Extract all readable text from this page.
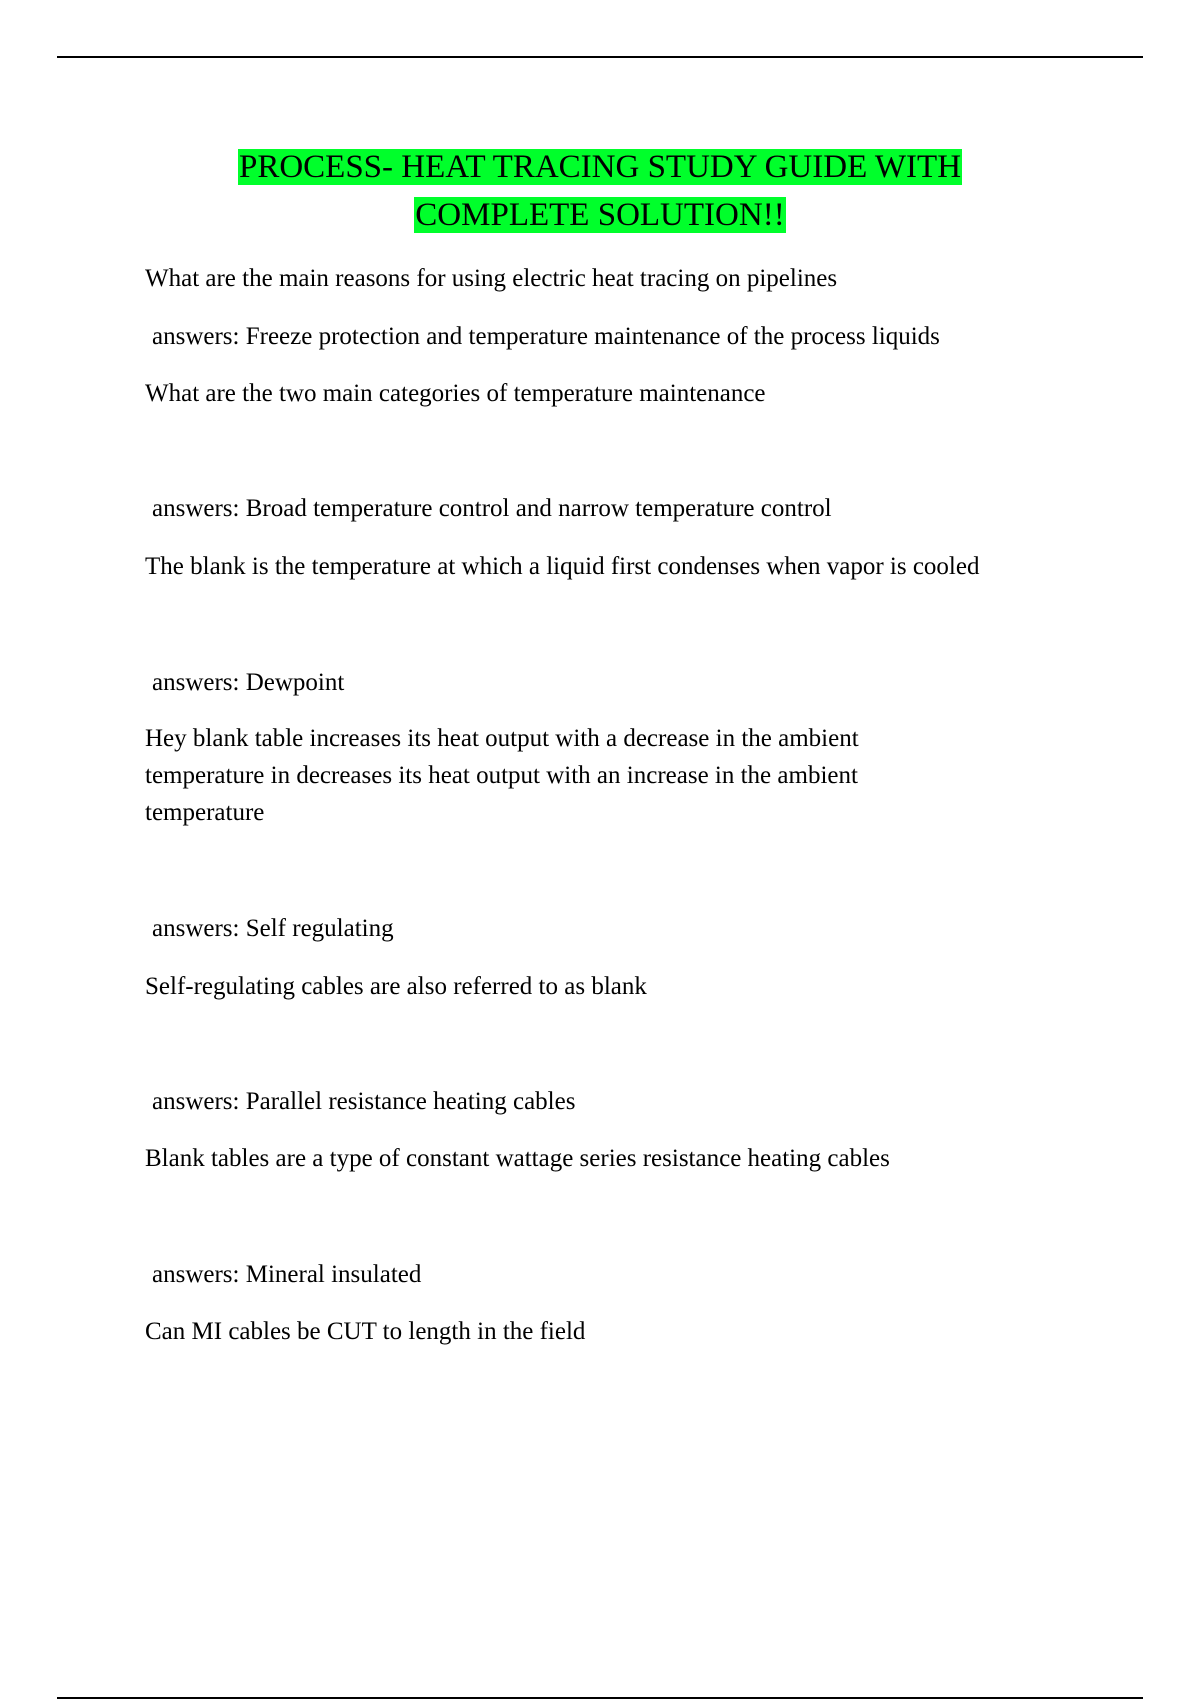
PROCESS- HEAT TRACING STUDY GUIDE WITH
COMPLETE SOLUTION!!

What are the main reasons for using electric heat tracing on pipelines

answers: Freeze protection and temperature maintenance of the process liquids

What are the two main categories of temperature maintenance

answers: Broad temperature control and narrow temperature control

The blank is the temperature at which a liquid first condenses when vapor is cooled

answers: Dewpoint

Hey blank table increases its heat output with a decrease in the ambient temperature in decreases its heat output with an increase in the ambient temperature

answers: Self regulating

Self-regulating cables are also referred to as blank

answers: Parallel resistance heating cables

Blank tables are a type of constant wattage series resistance heating cables

answers: Mineral insulated

Can MI cables be CUT to length in the field
